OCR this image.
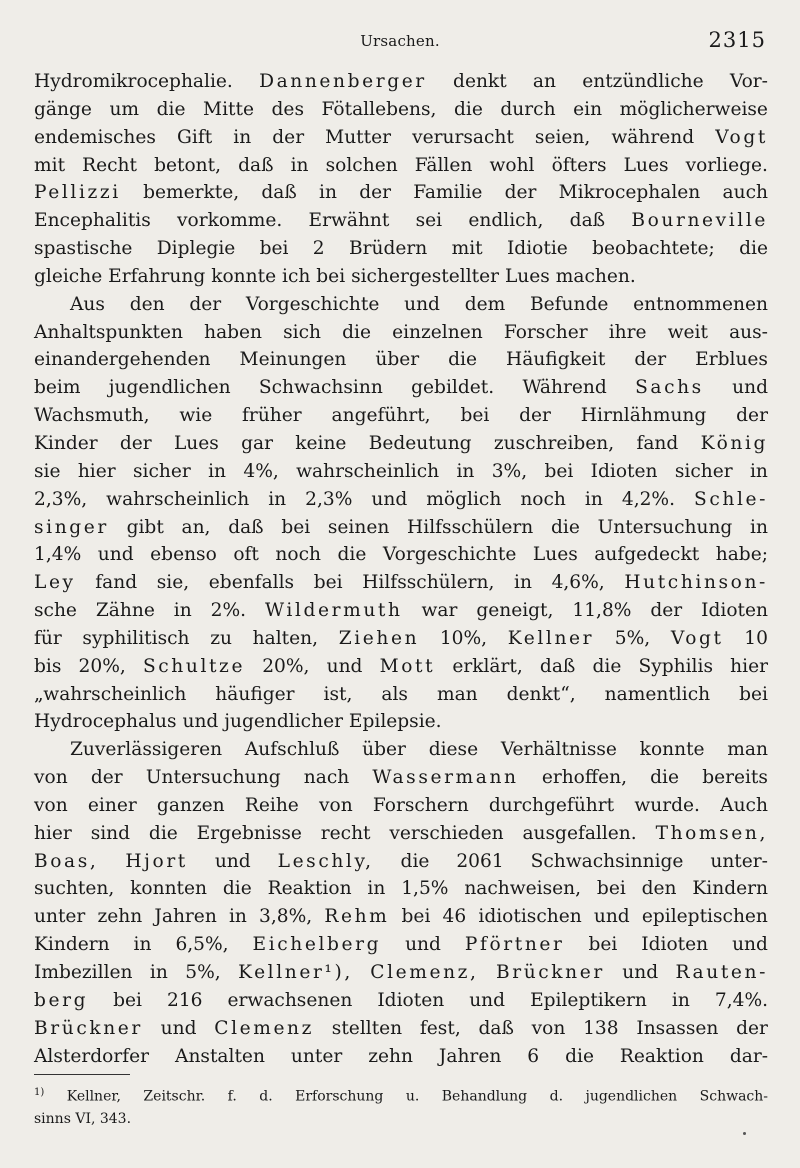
Ursachen.	2315
Hydromikrocephalie. Dannenberger denkt an entzündliche Vor-
gänge um die Mitte des Fötallebens, die durch ein möglicherweise
endemisches Gift in der Mutter verursacht seien, während Vogt
mit Recht betont, daß in solchen Fällen wohl öfters Lues vorliege.
Pellizzi bemerkte, daß in der Familie der Mikrocephalen auch
Encephalitis vorkomme. Erwähnt sei endlich, daß Bourneville
spastische Diplegie bei 2 Brüdern mit Idiotie beobachtete; die
gleiche Erfahrung konnte ich bei sichergestellter Lues machen.
Aus den der Vorgeschichte und dem Befunde entnommenen
Anhaltspunkten haben sich die einzelnen Forscher ihre weit aus-
einandergehenden Meinungen über die Häufigkeit der Erblues
beim jugendlichen Schwachsinn gebildet. Während Sachs und
Wachsmuth, wie früher angeführt, bei der Hirnlähmung der
Kinder der Lues gar keine Bedeutung zuschreiben, fand König
sie hier sicher in 4%, wahrscheinlich in 3%, bei Idioten sicher in
2,3%, wahrscheinlich in 2,3% und möglich noch in 4,2%. Schle-
singer gibt an, daß bei seinen Hilfsschülern die Untersuchung in
1,4% und ebenso oft noch die Vorgeschichte Lues aufgedeckt habe;
Ley fand sie, ebenfalls bei Hilfsschülern, in 4,6%, Hutchinson-
sche Zähne in 2%. Wildermuth war geneigt, 11,8% der Idioten
für syphilitisch zu halten, Ziehen 10%, Kellner 5%, Vogt 10
bis 20%, Schultze 20%, und Mott erklärt, daß die Syphilis hier
„wahrscheinlich häufiger ist, als man denkt“, namentlich bei
Hydrocephalus und jugendlicher Epilepsie.
Zuverlässigeren Aufschluß über diese Verhältnisse konnte man
von der Untersuchung nach Wassermann erhoffen, die bereits
von einer ganzen Reihe von Forschern durchgeführt wurde. Auch
hier sind die Ergebnisse recht verschieden ausgefallen. Thomsen,
Boas, Hjort und Leschly, die 2061 Schwachsinnige unter-
suchten, konnten die Reaktion in 1,5% nachweisen, bei den Kindern
unter zehn Jahren in 3,8%, Rehm bei 46 idiotischen und epileptischen
Kindern in 6,5%, Eichelberg und Pförtner bei Idioten und
Imbezillen in 5%, Kellner¹), Clemenz, Brückner und Rauten-
berg bei 216 erwachsenen Idioten und Epileptikern in 7,4%.
Brückner und Clemenz stellten fest, daß von 138 Insassen der
Alsterdorfer Anstalten unter zehn Jahren 6 die Reaktion dar-
$^{1)}$ Kellner, Zeitschr. f. d. Erforschung u. Behandlung d. jugendlichen Schwach-
sinns VI, 343.
